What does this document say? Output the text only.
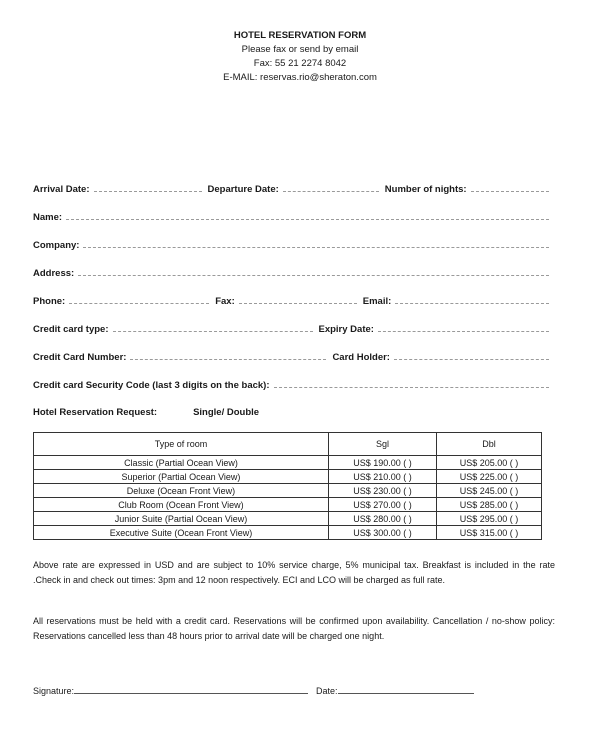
HOTEL RESERVATION FORM
Please fax or send by email
Fax: 55 21 2274 8042
E-MAIL: reservas.rio@sheraton.com
Arrival Date:	Departure Date:	Number of nights:
Name:
Company:
Address:
Phone:	Fax:	Email:
Credit card type:	Expiry Date:
Credit Card Number:	Card Holder:
Credit card Security Code (last 3 digits on the back):
Hotel Reservation Request:	Single/ Double
Type of room	Sgl	Dbl
Classic (Partial Ocean View)	US$ 190.00 ( )	US$ 205.00 ( )
Superior (Partial Ocean View)	US$ 210.00 ( )	US$ 225.00 ( )
Deluxe (Ocean Front View)	US$ 230.00 ( )	US$ 245.00 ( )
Club Room (Ocean Front View)	US$ 270.00 ( )	US$ 285.00 ( )
Junior Suite (Partial Ocean View)	US$ 280.00 ( )	US$ 295.00 ( )
Executive Suite (Ocean Front View)	US$ 300.00 ( )	US$ 315.00 ( )
Above rate are expressed in USD and are subject to 10% service charge, 5% municipal tax. Breakfast is included in the rate .Check in and check out times: 3pm and 12 noon respectively. ECI and LCO will be charged as full rate.
All reservations must be held with a credit card. Reservations will be confirmed upon availability. Cancellation / no-show policy: Reservations cancelled less than 48 hours prior to arrival date will be charged one night.
Signature:	Date:
